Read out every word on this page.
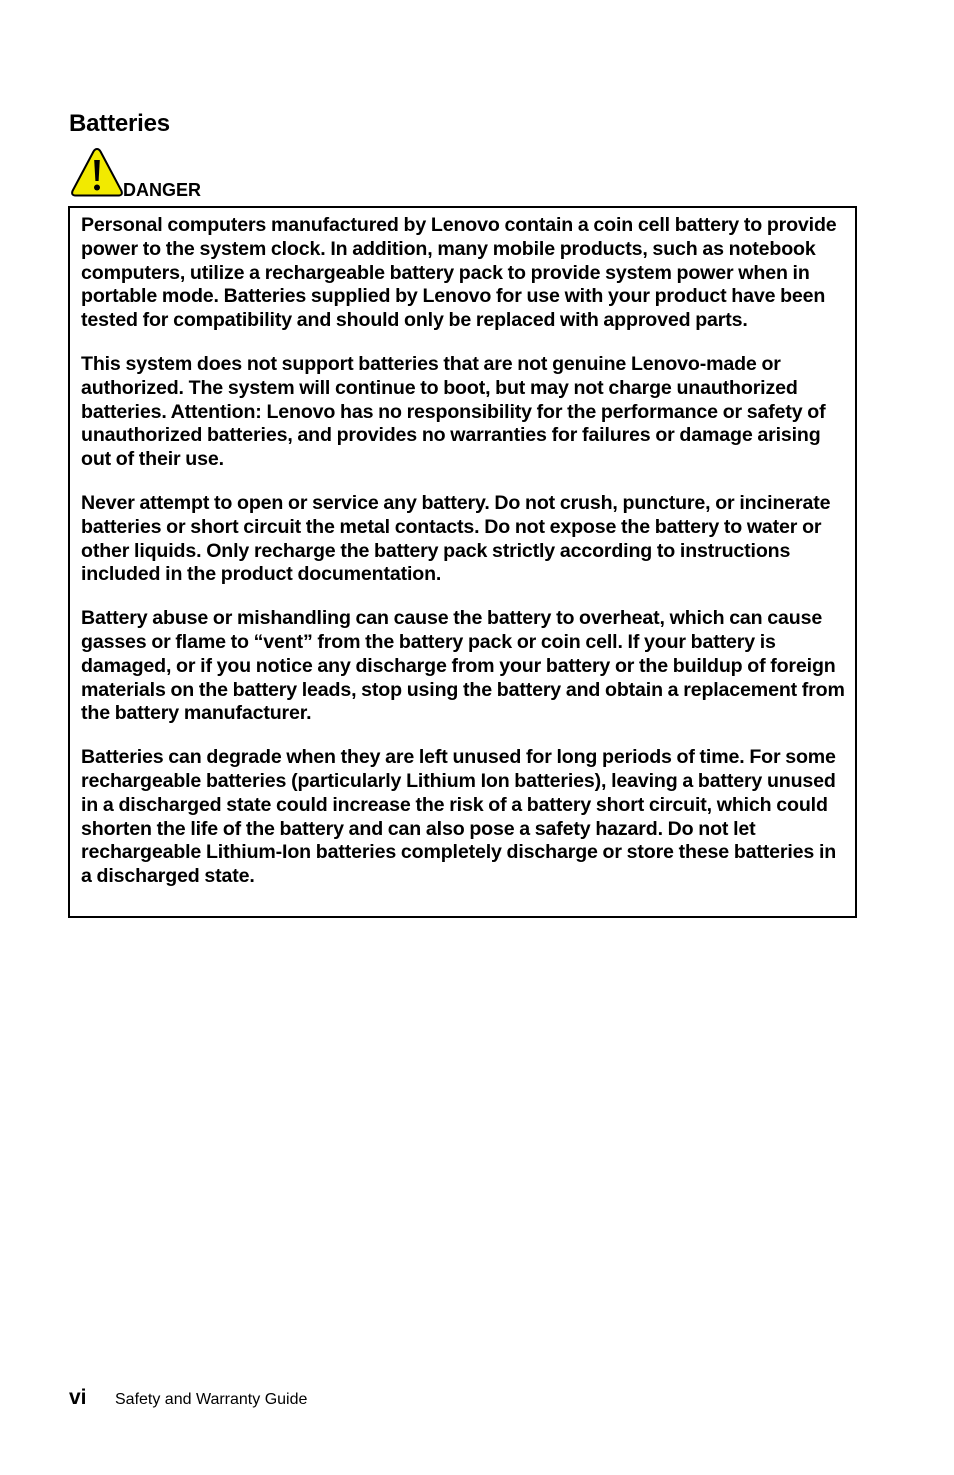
Batteries
DANGER

Personal computers manufactured by Lenovo contain a coin cell battery to provide power to the system clock. In addition, many mobile products, such as notebook computers, utilize a rechargeable battery pack to provide system power when in portable mode. Batteries supplied by Lenovo for use with your product have been tested for compatibility and should only be replaced with approved parts.

This system does not support batteries that are not genuine Lenovo-made or authorized. The system will continue to boot, but may not charge unauthorized batteries. Attention: Lenovo has no responsibility for the performance or safety of unauthorized batteries, and provides no warranties for failures or damage arising out of their use.

Never attempt to open or service any battery. Do not crush, puncture, or incinerate batteries or short circuit the metal contacts. Do not expose the battery to water or other liquids. Only recharge the battery pack strictly according to instructions included in the product documentation.

Battery abuse or mishandling can cause the battery to overheat, which can cause gasses or flame to “vent” from the battery pack or coin cell. If your battery is damaged, or if you notice any discharge from your battery or the buildup of foreign materials on the battery leads, stop using the battery and obtain a replacement from the battery manufacturer.

Batteries can degrade when they are left unused for long periods of time. For some rechargeable batteries (particularly Lithium Ion batteries), leaving a battery unused in a discharged state could increase the risk of a battery short circuit, which could shorten the life of the battery and can also pose a safety hazard. Do not let rechargeable Lithium-Ion batteries completely discharge or store these batteries in a discharged state.

vi Safety and Warranty Guide
